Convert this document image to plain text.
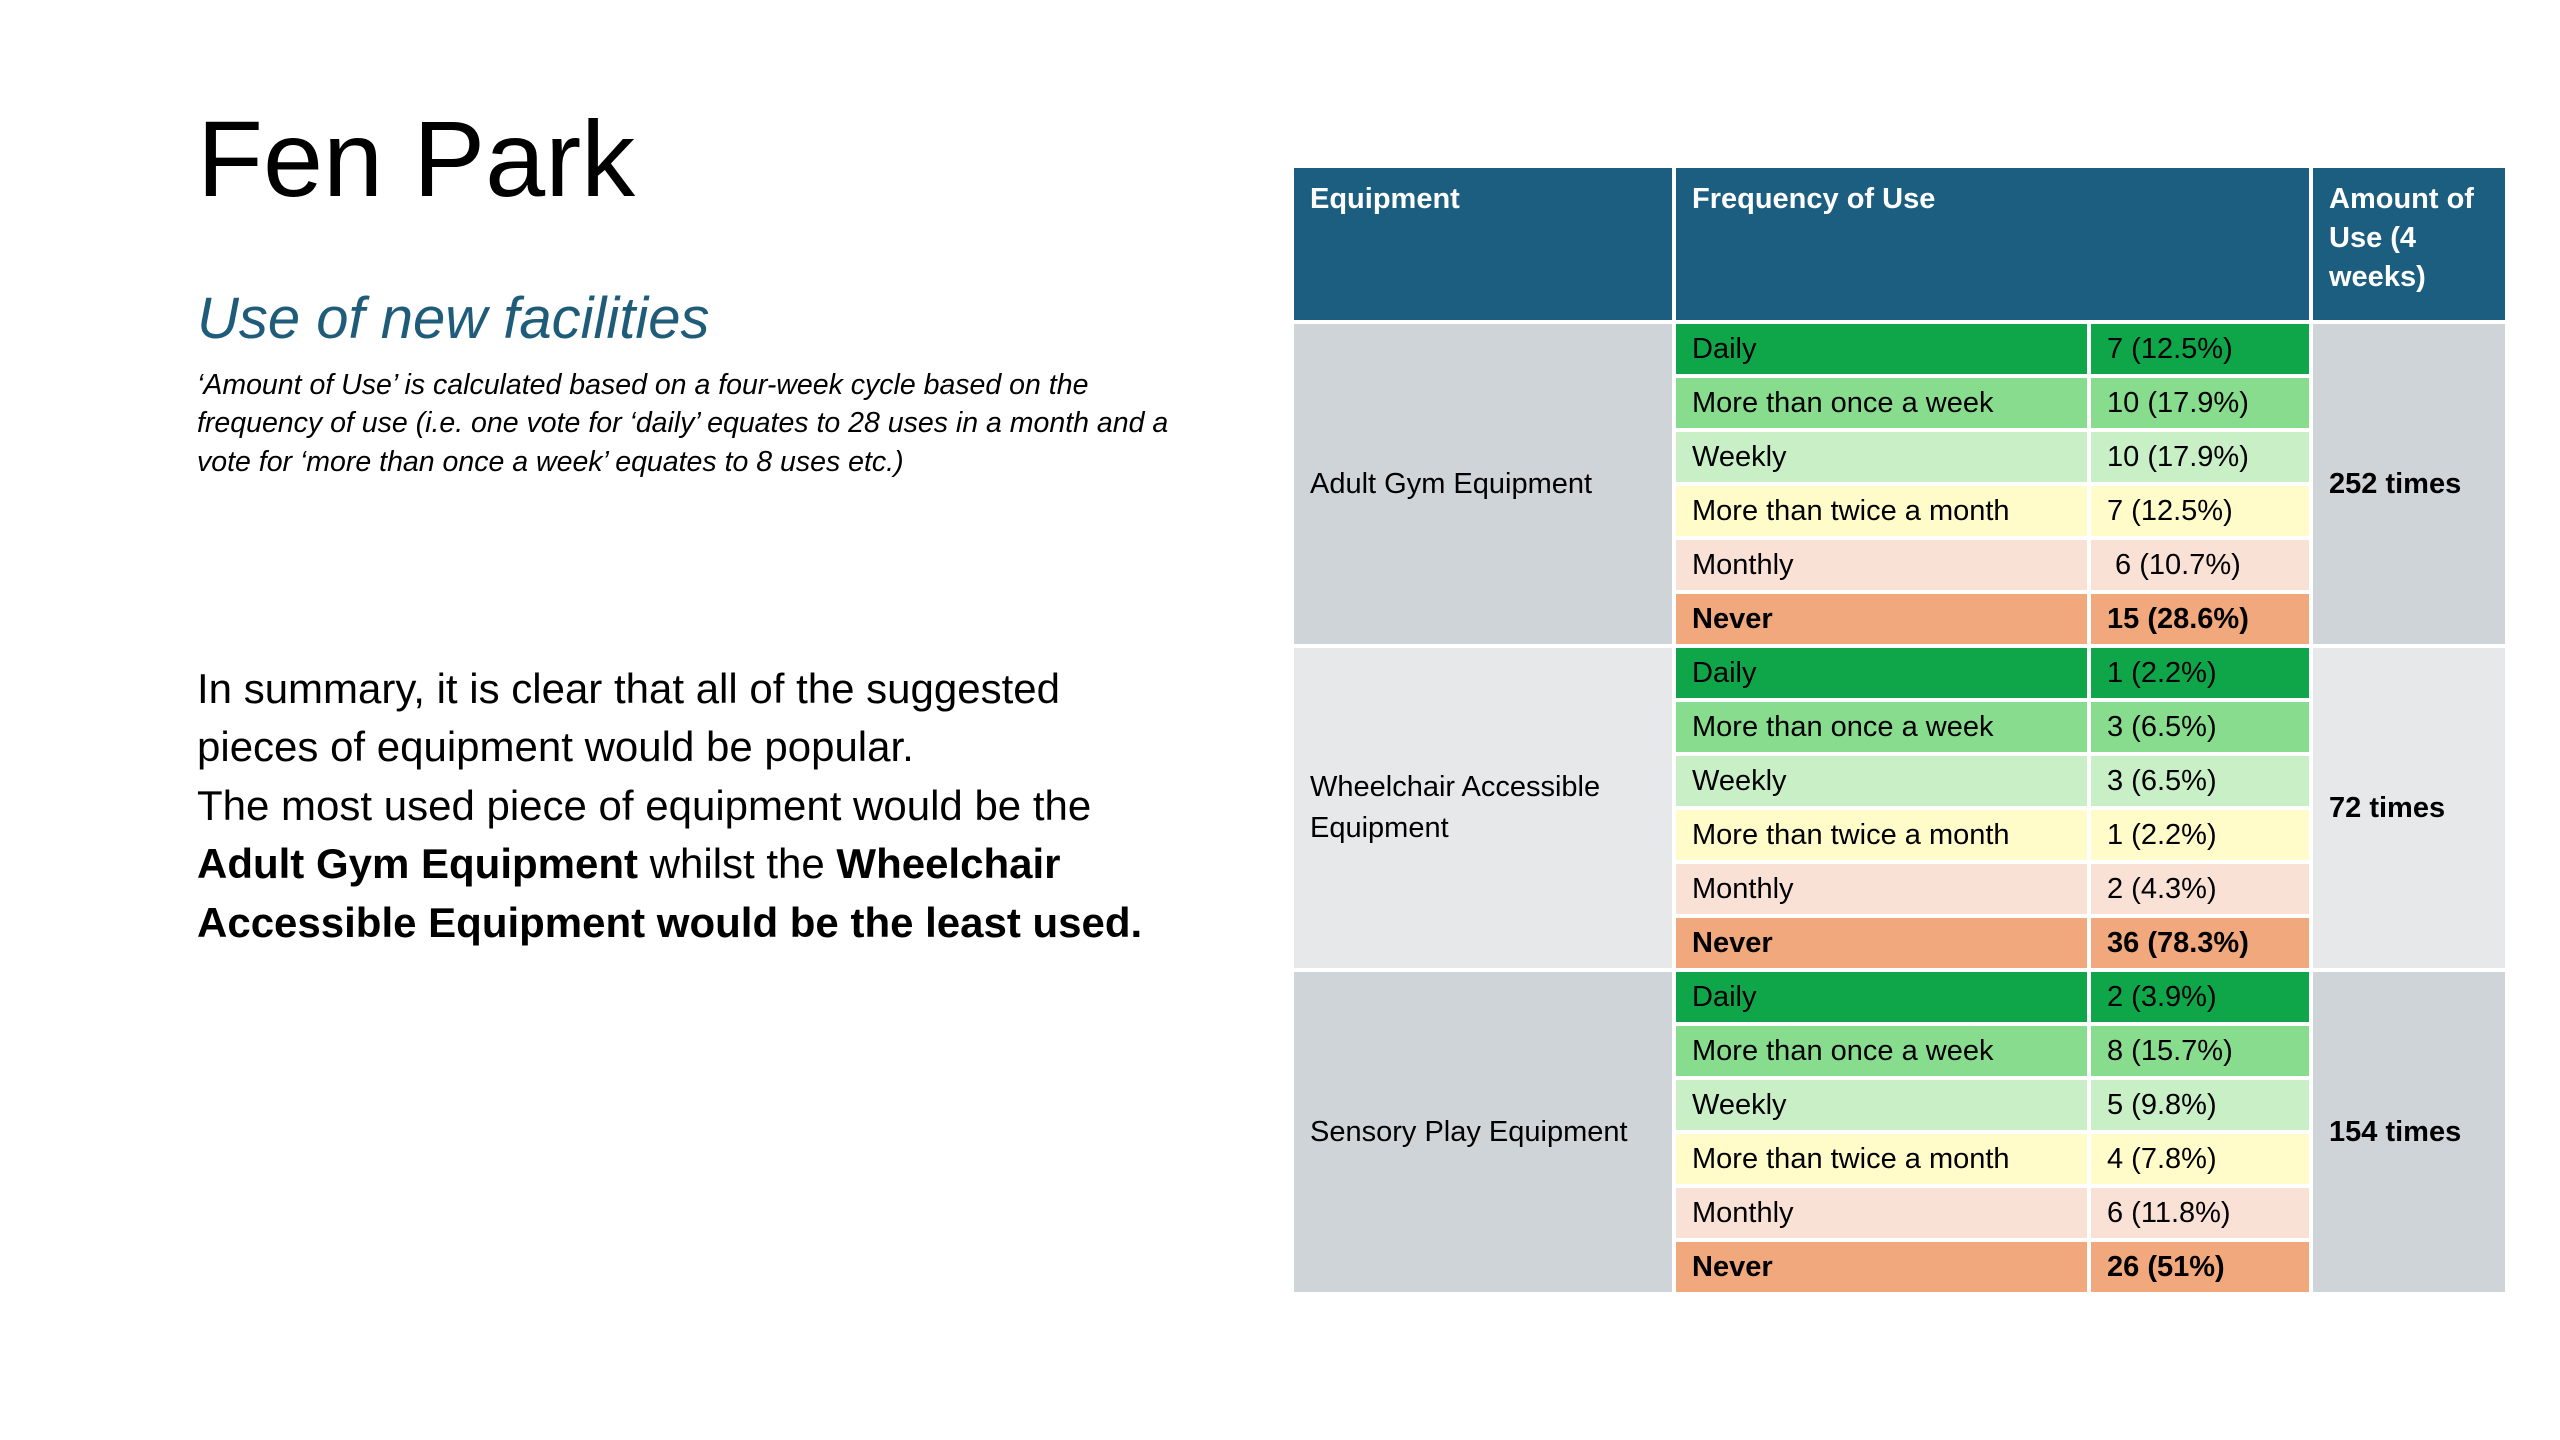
Fen Park
Use of new facilities
‘Amount of Use’ is calculated based on a four-week cycle based on the frequency of use (i.e. one vote for ‘daily’ equates to 28 uses in a month and a vote for ‘more than once a week’ equates to 8 uses etc.)

In summary, it is clear that all of the suggested pieces of equipment would be popular.

The most used piece of equipment would be the Adult Gym Equipment whilst the Wheelchair Accessible Equipment would be the least used.

Equipment	Frequency of Use		Amount of Use (4 weeks)
Adult Gym Equipment	Daily	7 (12.5%)	252 times
	More than once a week	10 (17.9%)	
	Weekly	10 (17.9%)	
	More than twice a month	7 (12.5%)	
	Monthly	6 (10.7%)	
	Never	15 (28.6%)	
Wheelchair Accessible Equipment	Daily	1 (2.2%)	72 times
	More than once a week	3 (6.5%)	
	Weekly	3 (6.5%)	
	More than twice a month	1 (2.2%)	
	Monthly	2 (4.3%)	
	Never	36 (78.3%)	
Sensory Play Equipment	Daily	2 (3.9%)	154 times
	More than once a week	8 (15.7%)	
	Weekly	5 (9.8%)	
	More than twice a month	4 (7.8%)	
	Monthly	6 (11.8%)	
	Never	26 (51%)	
